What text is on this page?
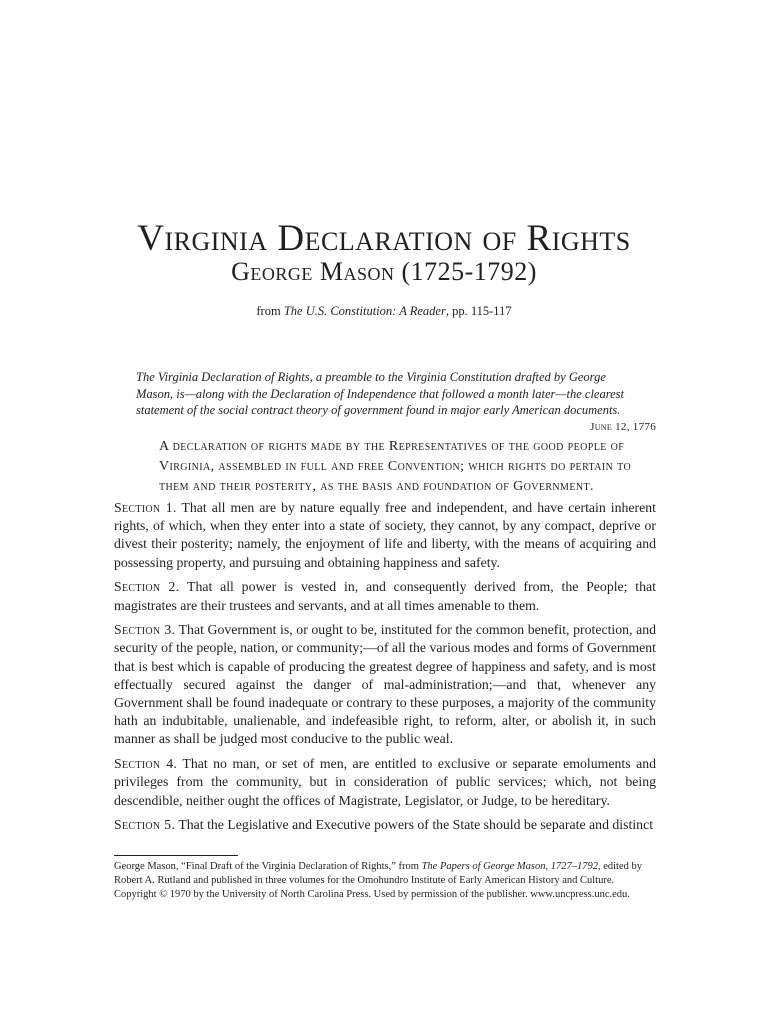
Virginia Declaration of Rights
George Mason (1725-1792)
from The U.S. Constitution: A Reader, pp. 115-117

The Virginia Declaration of Rights, a preamble to the Virginia Constitution drafted by George Mason, is—along with the Declaration of Independence that followed a month later—the clearest statement of the social contract theory of government found in major early American documents.

June 12, 1776

A declaration of rights made by the Representatives of the good people of Virginia, assembled in full and free Convention; which rights do pertain to them and their posterity, as the basis and foundation of Government.

Section 1. That all men are by nature equally free and independent, and have certain inherent rights, of which, when they enter into a state of society, they cannot, by any compact, deprive or divest their posterity; namely, the enjoyment of life and liberty, with the means of acquiring and possessing property, and pursuing and obtaining happiness and safety.

Section 2. That all power is vested in, and consequently derived from, the People; that magistrates are their trustees and servants, and at all times amenable to them.

Section 3. That Government is, or ought to be, instituted for the common benefit, protection, and security of the people, nation, or community;—of all the various modes and forms of Government that is best which is capable of producing the greatest degree of happiness and safety, and is most effectually secured against the danger of mal-administration;—and that, whenever any Government shall be found inadequate or contrary to these purposes, a majority of the community hath an indubitable, unalienable, and indefeasible right, to reform, alter, or abolish it, in such manner as shall be judged most conducive to the public weal.

Section 4. That no man, or set of men, are entitled to exclusive or separate emoluments and privileges from the community, but in consideration of public services; which, not being descendible, neither ought the offices of Magistrate, Legislator, or Judge, to be hereditary.

Section 5. That the Legislative and Executive powers of the State should be separate and distinct

George Mason, “Final Draft of the Virginia Declaration of Rights,” from The Papers of George Mason, 1727–1792, edited by Robert A. Rutland and published in three volumes for the Omohundro Institute of Early American History and Culture. Copyright © 1970 by the University of North Carolina Press. Used by permission of the publisher. www.uncpress.unc.edu.
